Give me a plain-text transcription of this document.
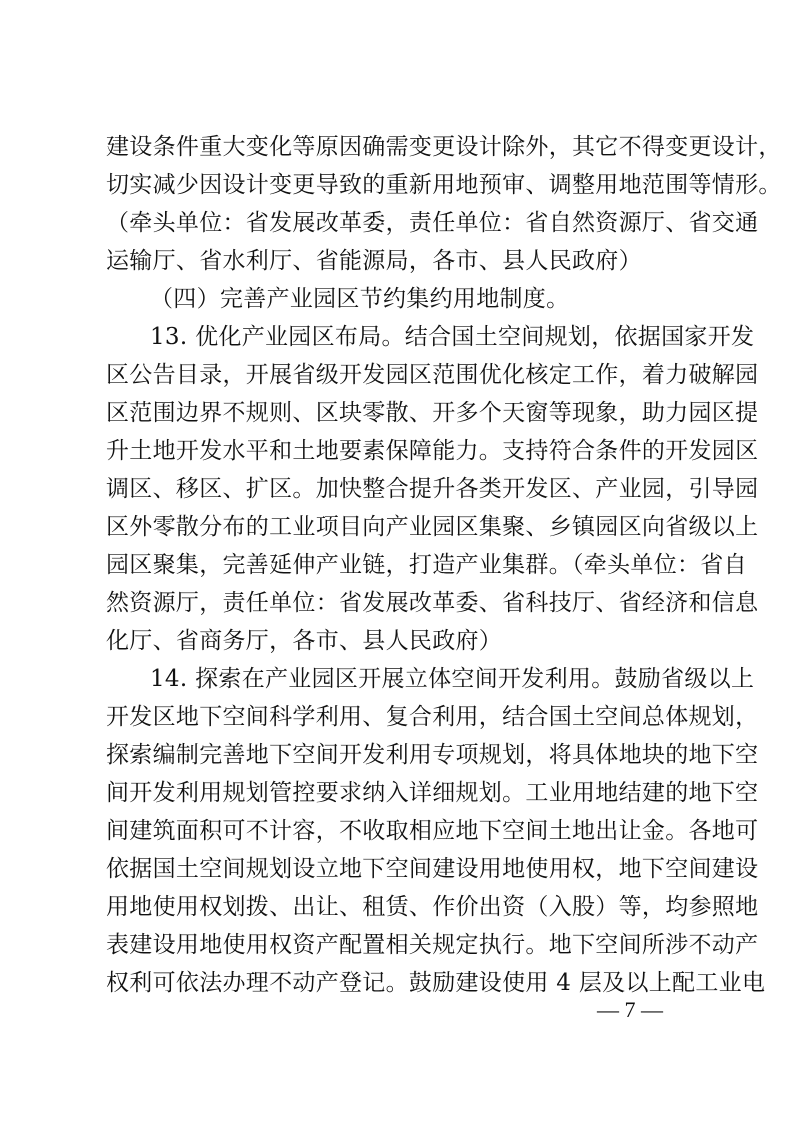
建设条件重大变化等原因确需变更设计除外，其它不得变更设计，
切实减少因设计变更导致的重新用地预审、调整用地范围等情形。
（牵头单位：省发展改革委，责任单位：省自然资源厅、省交通
运输厅、省水利厅、省能源局，各市、县人民政府）
（四）完善产业园区节约集约用地制度。
13. 优化产业园区布局。结合国土空间规划，依据国家开发
区公告目录，开展省级开发园区范围优化核定工作，着力破解园
区范围边界不规则、区块零散、开多个天窗等现象，助力园区提
升土地开发水平和土地要素保障能力。支持符合条件的开发园区
调区、移区、扩区。加快整合提升各类开发区、产业园，引导园
区外零散分布的工业项目向产业园区集聚、乡镇园区向省级以上
园区聚集，完善延伸产业链，打造产业集群。（牵头单位：省自
然资源厅，责任单位：省发展改革委、省科技厅、省经济和信息
化厅、省商务厅，各市、县人民政府）
14. 探索在产业园区开展立体空间开发利用。鼓励省级以上
开发区地下空间科学利用、复合利用，结合国土空间总体规划，
探索编制完善地下空间开发利用专项规划，将具体地块的地下空
间开发利用规划管控要求纳入详细规划。工业用地结建的地下空
间建筑面积可不计容，不收取相应地下空间土地出让金。各地可
依据国土空间规划设立地下空间建设用地使用权，地下空间建设
用地使用权划拨、出让、租赁、作价出资（入股）等，均参照地
表建设用地使用权资产配置相关规定执行。地下空间所涉不动产
权利可依法办理不动产登记。鼓励建设使用 4 层及以上配工业电
— 7 —
